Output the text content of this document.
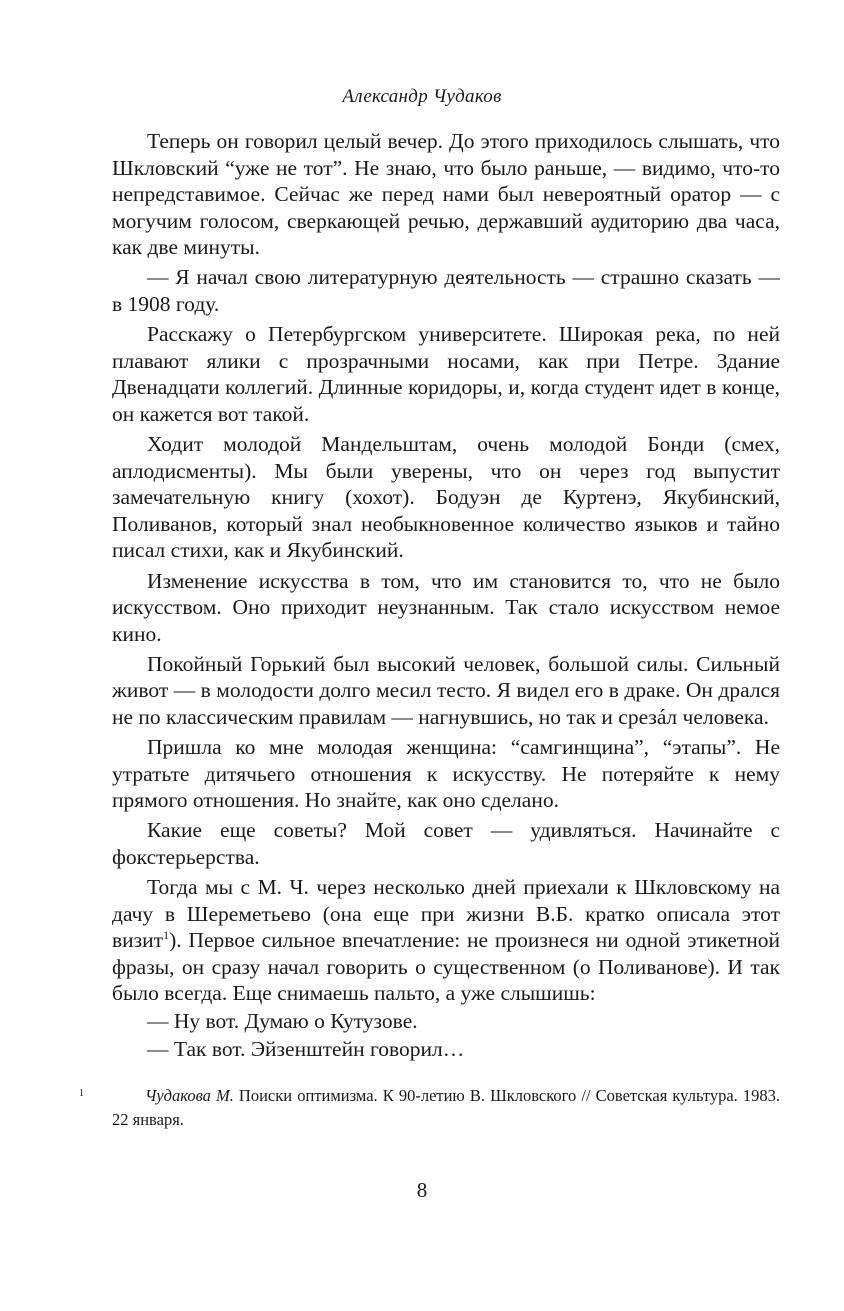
Александр Чудаков

Теперь он говорил целый вечер. До этого приходилось слышать, что Шкловский “уже не тот”. Не знаю, что было раньше, — видимо, что-то непредставимое. Сейчас же перед нами был невероятный оратор — с могучим голосом, сверкающей речью, державший аудиторию два часа, как две минуты.

— Я начал свою литературную деятельность — страшно сказать — в 1908 году.

Расскажу о Петербургском университете. Широкая река, по ней плавают ялики с прозрачными носами, как при Петре. Здание Двенадцати коллегий. Длинные коридоры, и, когда студент идет в конце, он кажется вот такой.

Ходит молодой Мандельштам, очень молодой Бонди (смех, аплодисменты). Мы были уверены, что он через год выпустит замечательную книгу (хохот). Бодуэн де Куртенэ, Якубинский, Поливанов, который знал необыкновенное количество языков и тайно писал стихи, как и Якубинский.

Изменение искусства в том, что им становится то, что не было искусством. Оно приходит неузнанным. Так стало искусством немое кино.

Покойный Горький был высокий человек, большой силы. Сильный живот — в молодости долго месил тесто. Я видел его в драке. Он дрался не по классическим правилам — нагнувшись, но так и срезáл человека.

Пришла ко мне молодая женщина: “самгинщина”, “этапы”. Не утратьте дитячьего отношения к искусству. Не потеряйте к нему прямого отношения. Но знайте, как оно сделано.

Какие еще советы? Мой совет — удивляться. Начинайте с фокстерьерства.

Тогда мы с М. Ч. через несколько дней приехали к Шкловскому на дачу в Шереметьево (она еще при жизни В.Б. кратко описала этот визит$^1$). Первое сильное впечатление: не произнеся ни одной этикетной фразы, он сразу начал говорить о существенном (о Поливанове). И так было всегда. Еще снимаешь пальто, а уже слышишь:

— Ну вот. Думаю о Кутузове.

— Так вот. Эйзенштейн говорил…

1	Чудакова М. Поиски оптимизма. К 90-летию В. Шкловского // Советская культура. 1983. 22 января.

8
